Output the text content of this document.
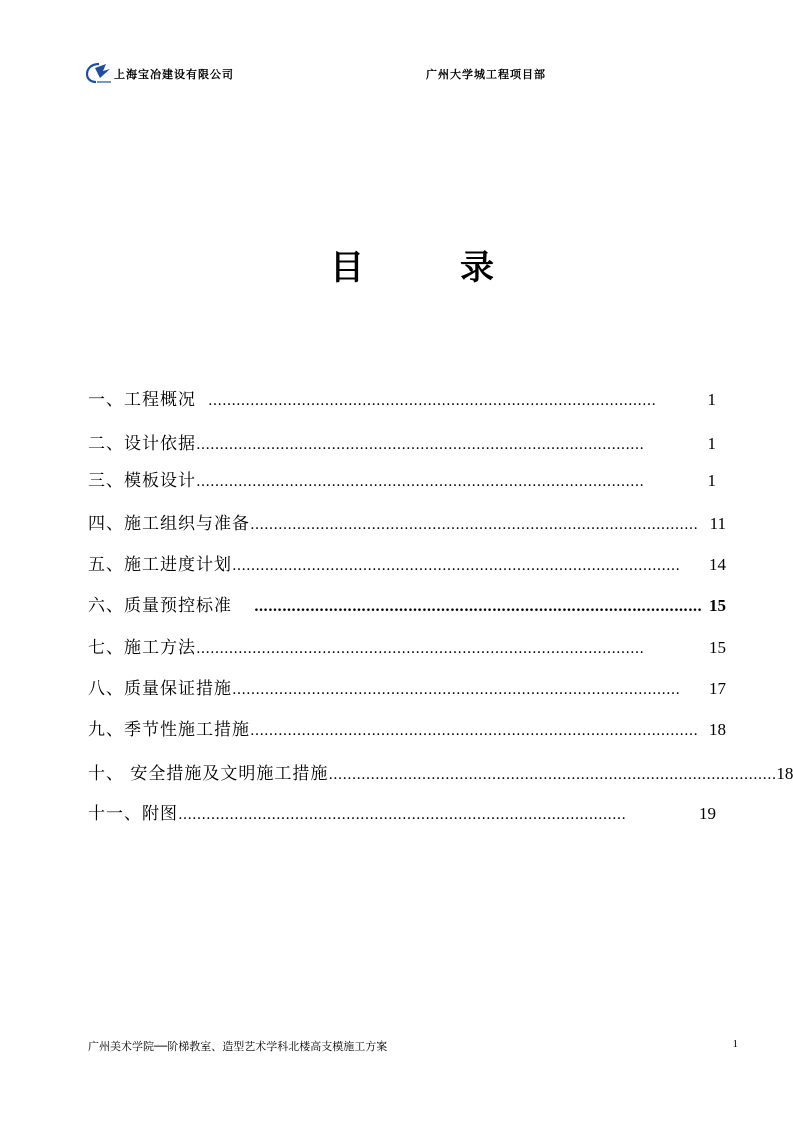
上海宝冶建设有限公司	广州大学城工程项目部
目	录
一、工程概况 ……………………………………………………………………………………	1
二、设计依据 ……………………………………………………………………………………	1
三、模板设计 ……………………………………………………………………………………	1
四、施工组织与准备 …………………………………………………………………………………… 11
五、施工进度计划 ……………………………………………………………………………………	14
六、质量预控标准	…………………………………………………………………………………… 15
七、施工方法 ……………………………………………………………………………………	15
八、质量保证措施 ……………………………………………………………………………………	17
九、季节性施工措施 …………………………………………………………………………………… 18
十、 安全措施及文明施工措施 …………………………………………………………………………………… 18
十一、附图 ……………………………………………………………………………………	19
广州美术学院──阶梯教室、造型艺术学科北楼高支模施工方案	1
